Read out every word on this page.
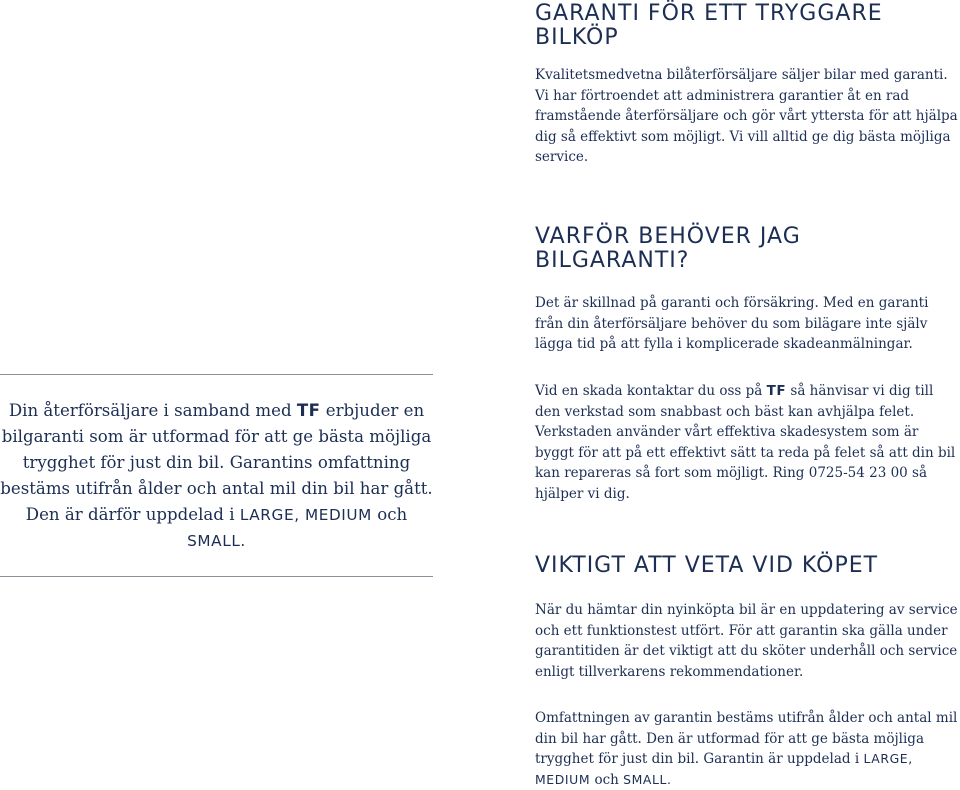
GARANTI FÖR ETT TRYGGARE BILKÖP

Kvalitetsmedvetna bilåterförsäljare säljer bilar med garanti. Vi har förtroendet att administrera garantier åt en rad framstående återförsäljare och gör vårt yttersta för att hjälpa dig så effektivt som möjligt. Vi vill alltid ge dig bästa möjliga service.

VARFÖR BEHÖVER JAG BILGARANTI?

Det är skillnad på garanti och försäkring. Med en garanti från din återförsäljare behöver du som bilägare inte själv lägga tid på att fylla i komplicerade skadeanmälningar.

Vid en skada kontaktar du oss på TF så hänvisar vi dig till den verkstad som snabbast och bäst kan avhjälpa felet. Verkstaden använder vårt effektiva skadesystem som är byggt för att på ett effektivt sätt ta reda på felet så att din bil kan repareras så fort som möjligt. Ring 0725-54 23 00 så hjälper vi dig.

VIKTIGT ATT VETA VID KÖPET

När du hämtar din nyinköpta bil är en uppdatering av service och ett funktionstest utfört. För att garantin ska gälla under garantitiden är det viktigt att du sköter underhåll och service enligt tillverkarens rekommendationer.

Omfattningen av garantin bestäms utifrån ålder och antal mil din bil har gått. Den är utformad för att ge bästa möjliga trygghet för just din bil. Garantin är uppdelad i LARGE, MEDIUM och SMALL.

Din återförsäljare i samband med TF erbjuder en bilgaranti som är utformad för att ge bästa möjliga trygghet för just din bil. Garantins omfattning bestäms utifrån ålder och antal mil din bil har gått. Den är därför uppdelad i LARGE, MEDIUM och SMALL.
